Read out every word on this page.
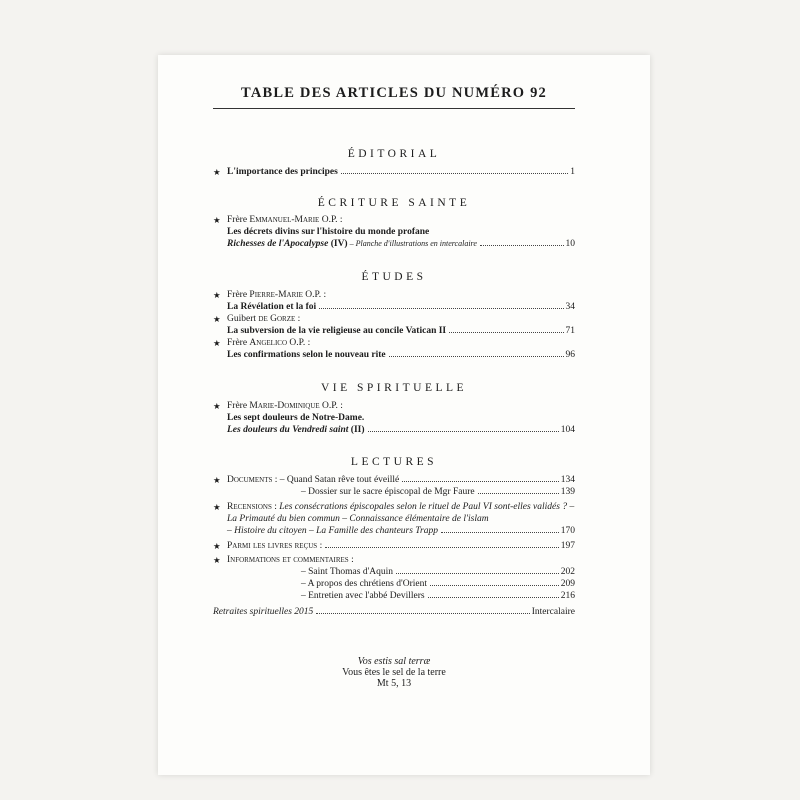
TABLE DES ARTICLES DU NUMÉRO 92
ÉDITORIAL
★ L'importance des principes	1
ÉCRITURE SAINTE
★ Frère Emmanuel-Marie O.P. :
Les décrets divins sur l'histoire du monde profane
Richesses de l'Apocalypse (IV) – Planche d'illustrations en intercalaire	10
ÉTUDES
★ Frère Pierre-Marie O.P. :
La Révélation et la foi	34
★ Guibert de Gorze :
La subversion de la vie religieuse au concile Vatican II	71
★ Frère Angelico O.P. :
Les confirmations selon le nouveau rite	96
VIE SPIRITUELLE
★ Frère Marie-Dominique O.P. :
Les sept douleurs de Notre-Dame.
Les douleurs du Vendredi saint (II)	104
LECTURES
★ Documents : – Quand Satan rêve tout éveillé	134
– Dossier sur le sacre épiscopal de Mgr Faure	139
★ Recensions : Les consécrations épiscopales selon le rituel de Paul VI sont-elles validés ? – La Primauté du bien commun – Connaissance élémentaire de l'islam
– Histoire du citoyen – La Famille des chanteurs Trapp	170
★ Parmi les livres reçus :	197
★ Informations et commentaires :
– Saint Thomas d'Aquin	202
– A propos des chrétiens d'Orient	209
– Entretien avec l'abbé Devillers	216
Retraites spirituelles 2015	Intercalaire
Vos estis sal terræ
Vous êtes le sel de la terre
Mt 5, 13
